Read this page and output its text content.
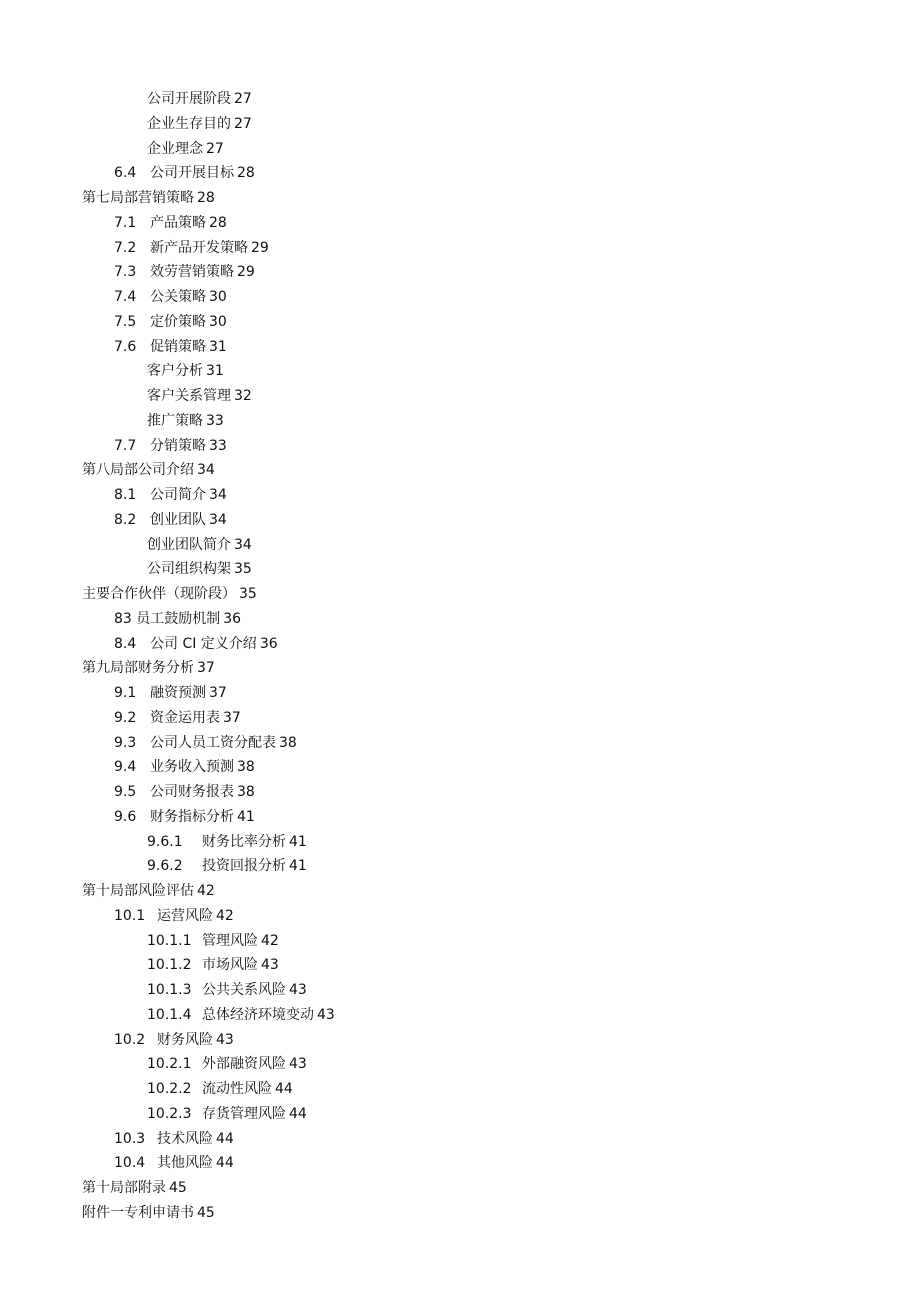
公司开展阶段 27
企业生存目的 27
企业理念 27
6.4 公司开展目标 28
第七局部营销策略 28
7.1 产品策略 28
7.2 新产品开发策略 29
7.3 效劳营销策略 29
7.4 公关策略 30
7.5 定价策略 30
7.6 促销策略 31
客户分析 31
客户关系管理 32
推广策略 33
7.7 分销策略 33
第八局部公司介绍 34
8.1 公司简介 34
8.2 创业团队 34
创业团队简介 34
公司组织构架 35
主要合作伙伴（现阶段） 35
83 员工鼓励机制 36
8.4 公司 CI 定义介绍 36
第九局部财务分析 37
9.1 融资预测 37
9.2 资金运用表 37
9.3 公司人员工资分配表 38
9.4 业务收入预测 38
9.5 公司财务报表 38
9.6 财务指标分析 41
9.6.1 财务比率分析 41
9.6.2 投资回报分析 41
第十局部风险评估 42
10.1 运营风险 42
10.1.1 管理风险 42
10.1.2 市场风险 43
10.1.3 公共关系风险 43
10.1.4 总体经济环境变动 43
10.2 财务风险 43
10.2.1 外部融资风险 43
10.2.2 流动性风险 44
10.2.3 存货管理风险 44
10.3 技术风险 44
10.4 其他风险 44
第十局部附录 45
附件一专利申请书 45
